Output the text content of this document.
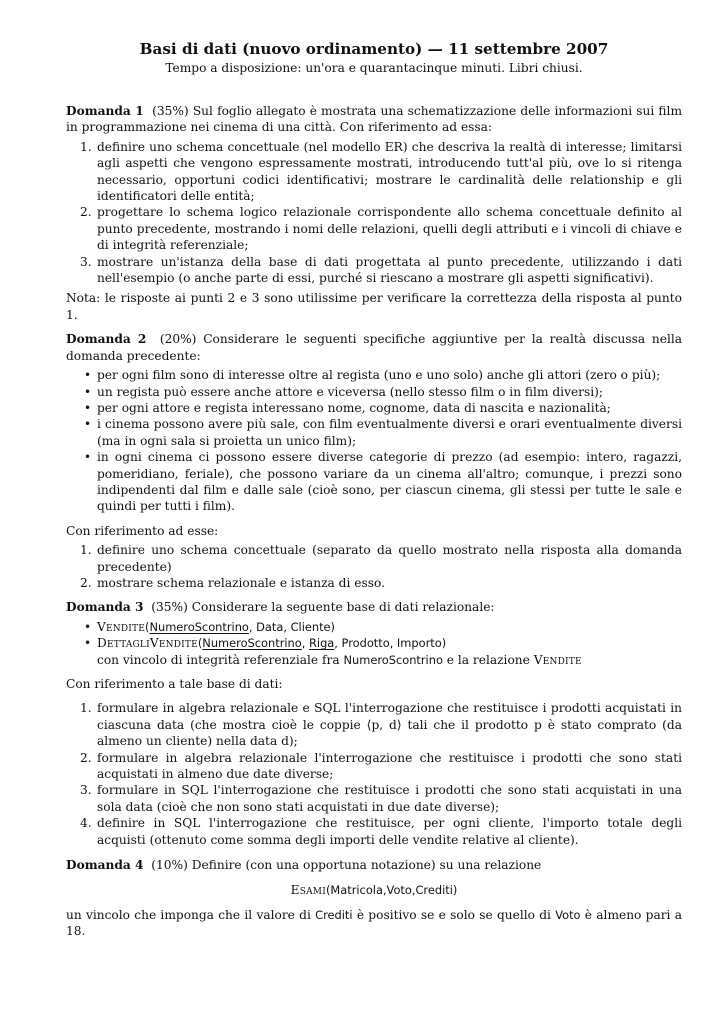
Basi di dati (nuovo ordinamento) — 11 settembre 2007

Tempo a disposizione: un'ora e quarantacinque minuti. Libri chiusi.

Domanda 1 (35%) Sul foglio allegato è mostrata una schematizzazione delle informazioni sui film in programmazione nei cinema di una città. Con riferimento ad essa:

1. definire uno schema concettuale (nel modello ER) che descriva la realtà di interesse; limitarsi agli aspetti che vengono espressamente mostrati, introducendo tutt'al più, ove lo si ritenga necessario, opportuni codici identificativi; mostrare le cardinalità delle relationship e gli identificatori delle entità;
2. progettare lo schema logico relazionale corrispondente allo schema concettuale definito al punto precedente, mostrando i nomi delle relazioni, quelli degli attributi e i vincoli di chiave e di integrità referenziale;
3. mostrare un'istanza della base di dati progettata al punto precedente, utilizzando i dati nell'esempio (o anche parte di essi, purché si riescano a mostrare gli aspetti significativi).

Nota: le risposte ai punti 2 e 3 sono utilissime per verificare la correttezza della risposta al punto 1.

Domanda 2 (20%) Considerare le seguenti specifiche aggiuntive per la realtà discussa nella domanda precedente:

• per ogni film sono di interesse oltre al regista (uno e uno solo) anche gli attori (zero o più);
• un regista può essere anche attore e viceversa (nello stesso film o in film diversi);
• per ogni attore e regista interessano nome, cognome, data di nascita e nazionalità;
• i cinema possono avere più sale, con film eventualmente diversi e orari eventualmente diversi (ma in ogni sala si proietta un unico film);
• in ogni cinema ci possono essere diverse categorie di prezzo (ad esempio: intero, ragazzi, pomeridiano, feriale), che possono variare da un cinema all'altro; comunque, i prezzi sono indipendenti dal film e dalle sale (cioè sono, per ciascun cinema, gli stessi per tutte le sale e quindi per tutti i film).

Con riferimento ad esse:

1. definire uno schema concettuale (separato da quello mostrato nella risposta alla domanda precedente)
2. mostrare schema relazionale e istanza di esso.

Domanda 3 (35%) Considerare la seguente base di dati relazionale:

• Vendite(NumeroScontrino, Data, Cliente)
• DettagliVendite(NumeroScontrino, Riga, Prodotto, Importo)
con vincolo di integrità referenziale fra NumeroScontrino e la relazione Vendite

Con riferimento a tale base di dati:

1. formulare in algebra relazionale e SQL l'interrogazione che restituisce i prodotti acquistati in ciascuna data (che mostra cioè le coppie ⟨p, d⟩ tali che il prodotto p è stato comprato (da almeno un cliente) nella data d);
2. formulare in algebra relazionale l'interrogazione che restituisce i prodotti che sono stati acquistati in almeno due date diverse;
3. formulare in SQL l'interrogazione che restituisce i prodotti che sono stati acquistati in una sola data (cioè che non sono stati acquistati in due date diverse);
4. definire in SQL l'interrogazione che restituisce, per ogni cliente, l'importo totale degli acquisti (ottenuto come somma degli importi delle vendite relative al cliente).

Domanda 4 (10%) Definire (con una opportuna notazione) su una relazione

Esami(Matricola,Voto,Crediti)

un vincolo che imponga che il valore di Crediti è positivo se e solo se quello di Voto è almeno pari a 18.
